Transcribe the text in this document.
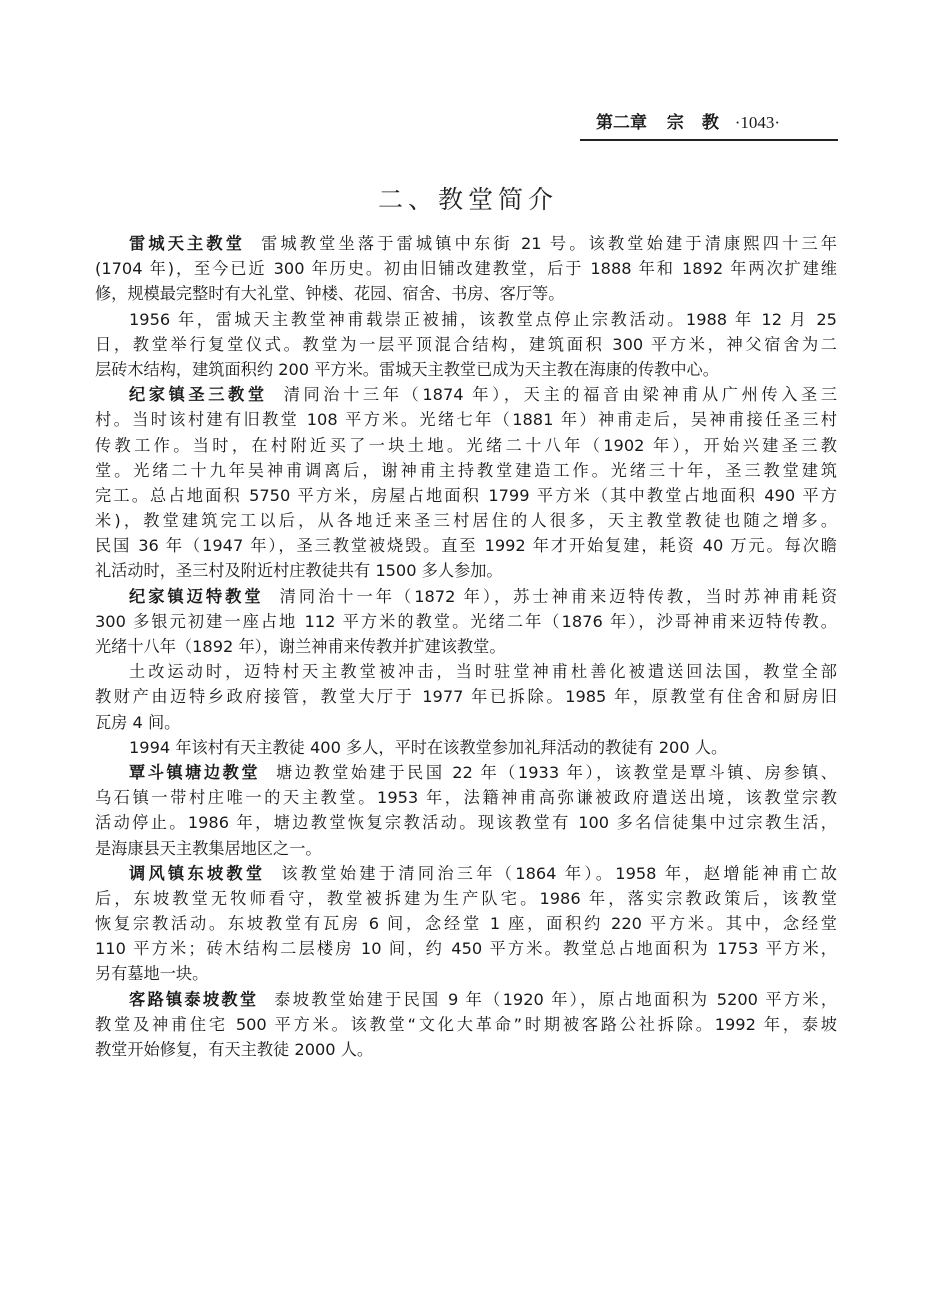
第二章 宗 教 ·1043·
二、教堂简介
雷城天主教堂 雷城教堂坐落于雷城镇中东街 21 号。该教堂始建于清康熙四十三年
(1704 年)，至今已近 300 年历史。初由旧铺改建教堂，后于 1888 年和 1892 年两次扩建维
修，规模最完整时有大礼堂、钟楼、花园、宿舍、书房、客厅等。
1956 年，雷城天主教堂神甫载崇正被捕，该教堂点停止宗教活动。1988 年 12 月 25
日，教堂举行复堂仪式。教堂为一层平顶混合结构，建筑面积 300 平方米，神父宿舍为二
层砖木结构，建筑面积约 200 平方米。雷城天主教堂已成为天主教在海康的传教中心。
纪家镇圣三教堂 清同治十三年（1874 年），天主的福音由梁神甫从广州传入圣三
村。当时该村建有旧教堂 108 平方米。光绪七年（1881 年）神甫走后，吴神甫接任圣三村
传教工作。当时，在村附近买了一块土地。光绪二十八年（1902 年），开始兴建圣三教
堂。光绪二十九年吴神甫调离后，谢神甫主持教堂建造工作。光绪三十年，圣三教堂建筑
完工。总占地面积 5750 平方米，房屋占地面积 1799 平方米（其中教堂占地面积 490 平方
米)，教堂建筑完工以后，从各地迁来圣三村居住的人很多，天主教堂教徒也随之增多。
民国 36 年（1947 年），圣三教堂被烧毁。直至 1992 年才开始复建，耗资 40 万元。每次瞻
礼活动时，圣三村及附近村庄教徒共有 1500 多人参加。
纪家镇迈特教堂 清同治十一年（1872 年），苏士神甫来迈特传教，当时苏神甫耗资
300 多银元初建一座占地 112 平方米的教堂。光绪二年（1876 年），沙哥神甫来迈特传教。
光绪十八年（1892 年），谢兰神甫来传教并扩建该教堂。
土改运动时，迈特村天主教堂被冲击，当时驻堂神甫杜善化被遣送回法国，教堂全部
教财产由迈特乡政府接管，教堂大厅于 1977 年已拆除。1985 年，原教堂有住舍和厨房旧
瓦房 4 间。
1994 年该村有天主教徒 400 多人，平时在该教堂参加礼拜活动的教徒有 200 人。
覃斗镇塘边教堂 塘边教堂始建于民国 22 年（1933 年），该教堂是覃斗镇、房参镇、
乌石镇一带村庄唯一的天主教堂。1953 年，法籍神甫高弥谦被政府遣送出境，该教堂宗教
活动停止。1986 年，塘边教堂恢复宗教活动。现该教堂有 100 多名信徒集中过宗教生活，
是海康县天主教集居地区之一。
调风镇东坡教堂 该教堂始建于清同治三年（1864 年）。1958 年，赵增能神甫亡故
后，东坡教堂无牧师看守，教堂被拆建为生产队宅。1986 年，落实宗教政策后，该教堂
恢复宗教活动。东坡教堂有瓦房 6 间，念经堂 1 座，面积约 220 平方米。其中，念经堂
110 平方米；砖木结构二层楼房 10 间，约 450 平方米。教堂总占地面积为 1753 平方米，
另有墓地一块。
客路镇泰坡教堂 泰坡教堂始建于民国 9 年（1920 年），原占地面积为 5200 平方米，
教堂及神甫住宅 500 平方米。该教堂“文化大革命”时期被客路公社拆除。1992 年，泰坡
教堂开始修复，有天主教徒 2000 人。
